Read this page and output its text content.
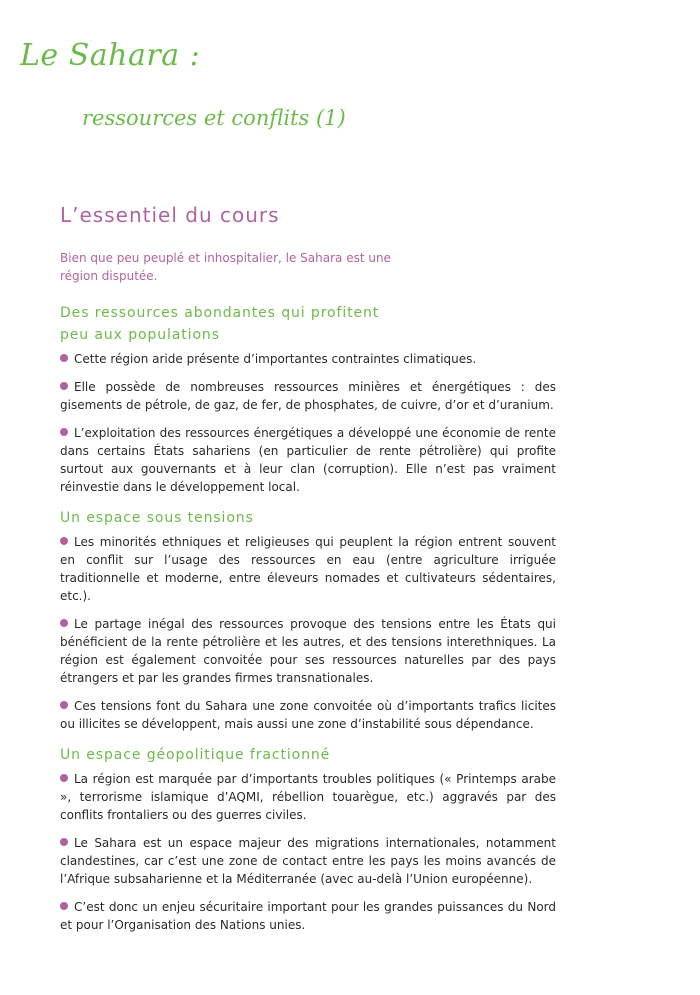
Le Sahara :
ressources et conflits (1)
L’essentiel du cours

Bien que peu peuplé et inhospitalier, le Sahara est une région disputée.

Des ressources abondantes qui profitent peu aux populations

Cette région aride présente d’importantes contraintes climatiques.

Elle possède de nombreuses ressources minières et énergétiques : des gisements de pétrole, de gaz, de fer, de phosphates, de cuivre, d’or et d’uranium.

L’exploitation des ressources énergétiques a développé une économie de rente dans certains États sahariens (en particulier de rente pétrolière) qui profite surtout aux gouvernants et à leur clan (corruption). Elle n’est pas vraiment réinvestie dans le développement local.

Un espace sous tensions

Les minorités ethniques et religieuses qui peuplent la région entrent souvent en conflit sur l’usage des ressources en eau (entre agriculture irriguée traditionnelle et moderne, entre éleveurs nomades et cultivateurs sédentaires, etc.).

Le partage inégal des ressources provoque des tensions entre les États qui bénéficient de la rente pétrolière et les autres, et des tensions interethniques. La région est également convoitée pour ses ressources naturelles par des pays étrangers et par les grandes firmes transnationales.

Ces tensions font du Sahara une zone convoitée où d’importants trafics licites ou illicites se développent, mais aussi une zone d’instabilité sous dépendance.

Un espace géopolitique fractionné

La région est marquée par d’importants troubles politiques (« Printemps arabe », terrorisme islamique d’AQMI, rébellion touarègue, etc.) aggravés par des conflits frontaliers ou des guerres civiles.

Le Sahara est un espace majeur des migrations internationales, notamment clandestines, car c’est une zone de contact entre les pays les moins avancés de l’Afrique subsaharienne et la Méditerranée (avec au-delà l’Union européenne).

C’est donc un enjeu sécuritaire important pour les grandes puissances du Nord et pour l’Organisation des Nations unies.
